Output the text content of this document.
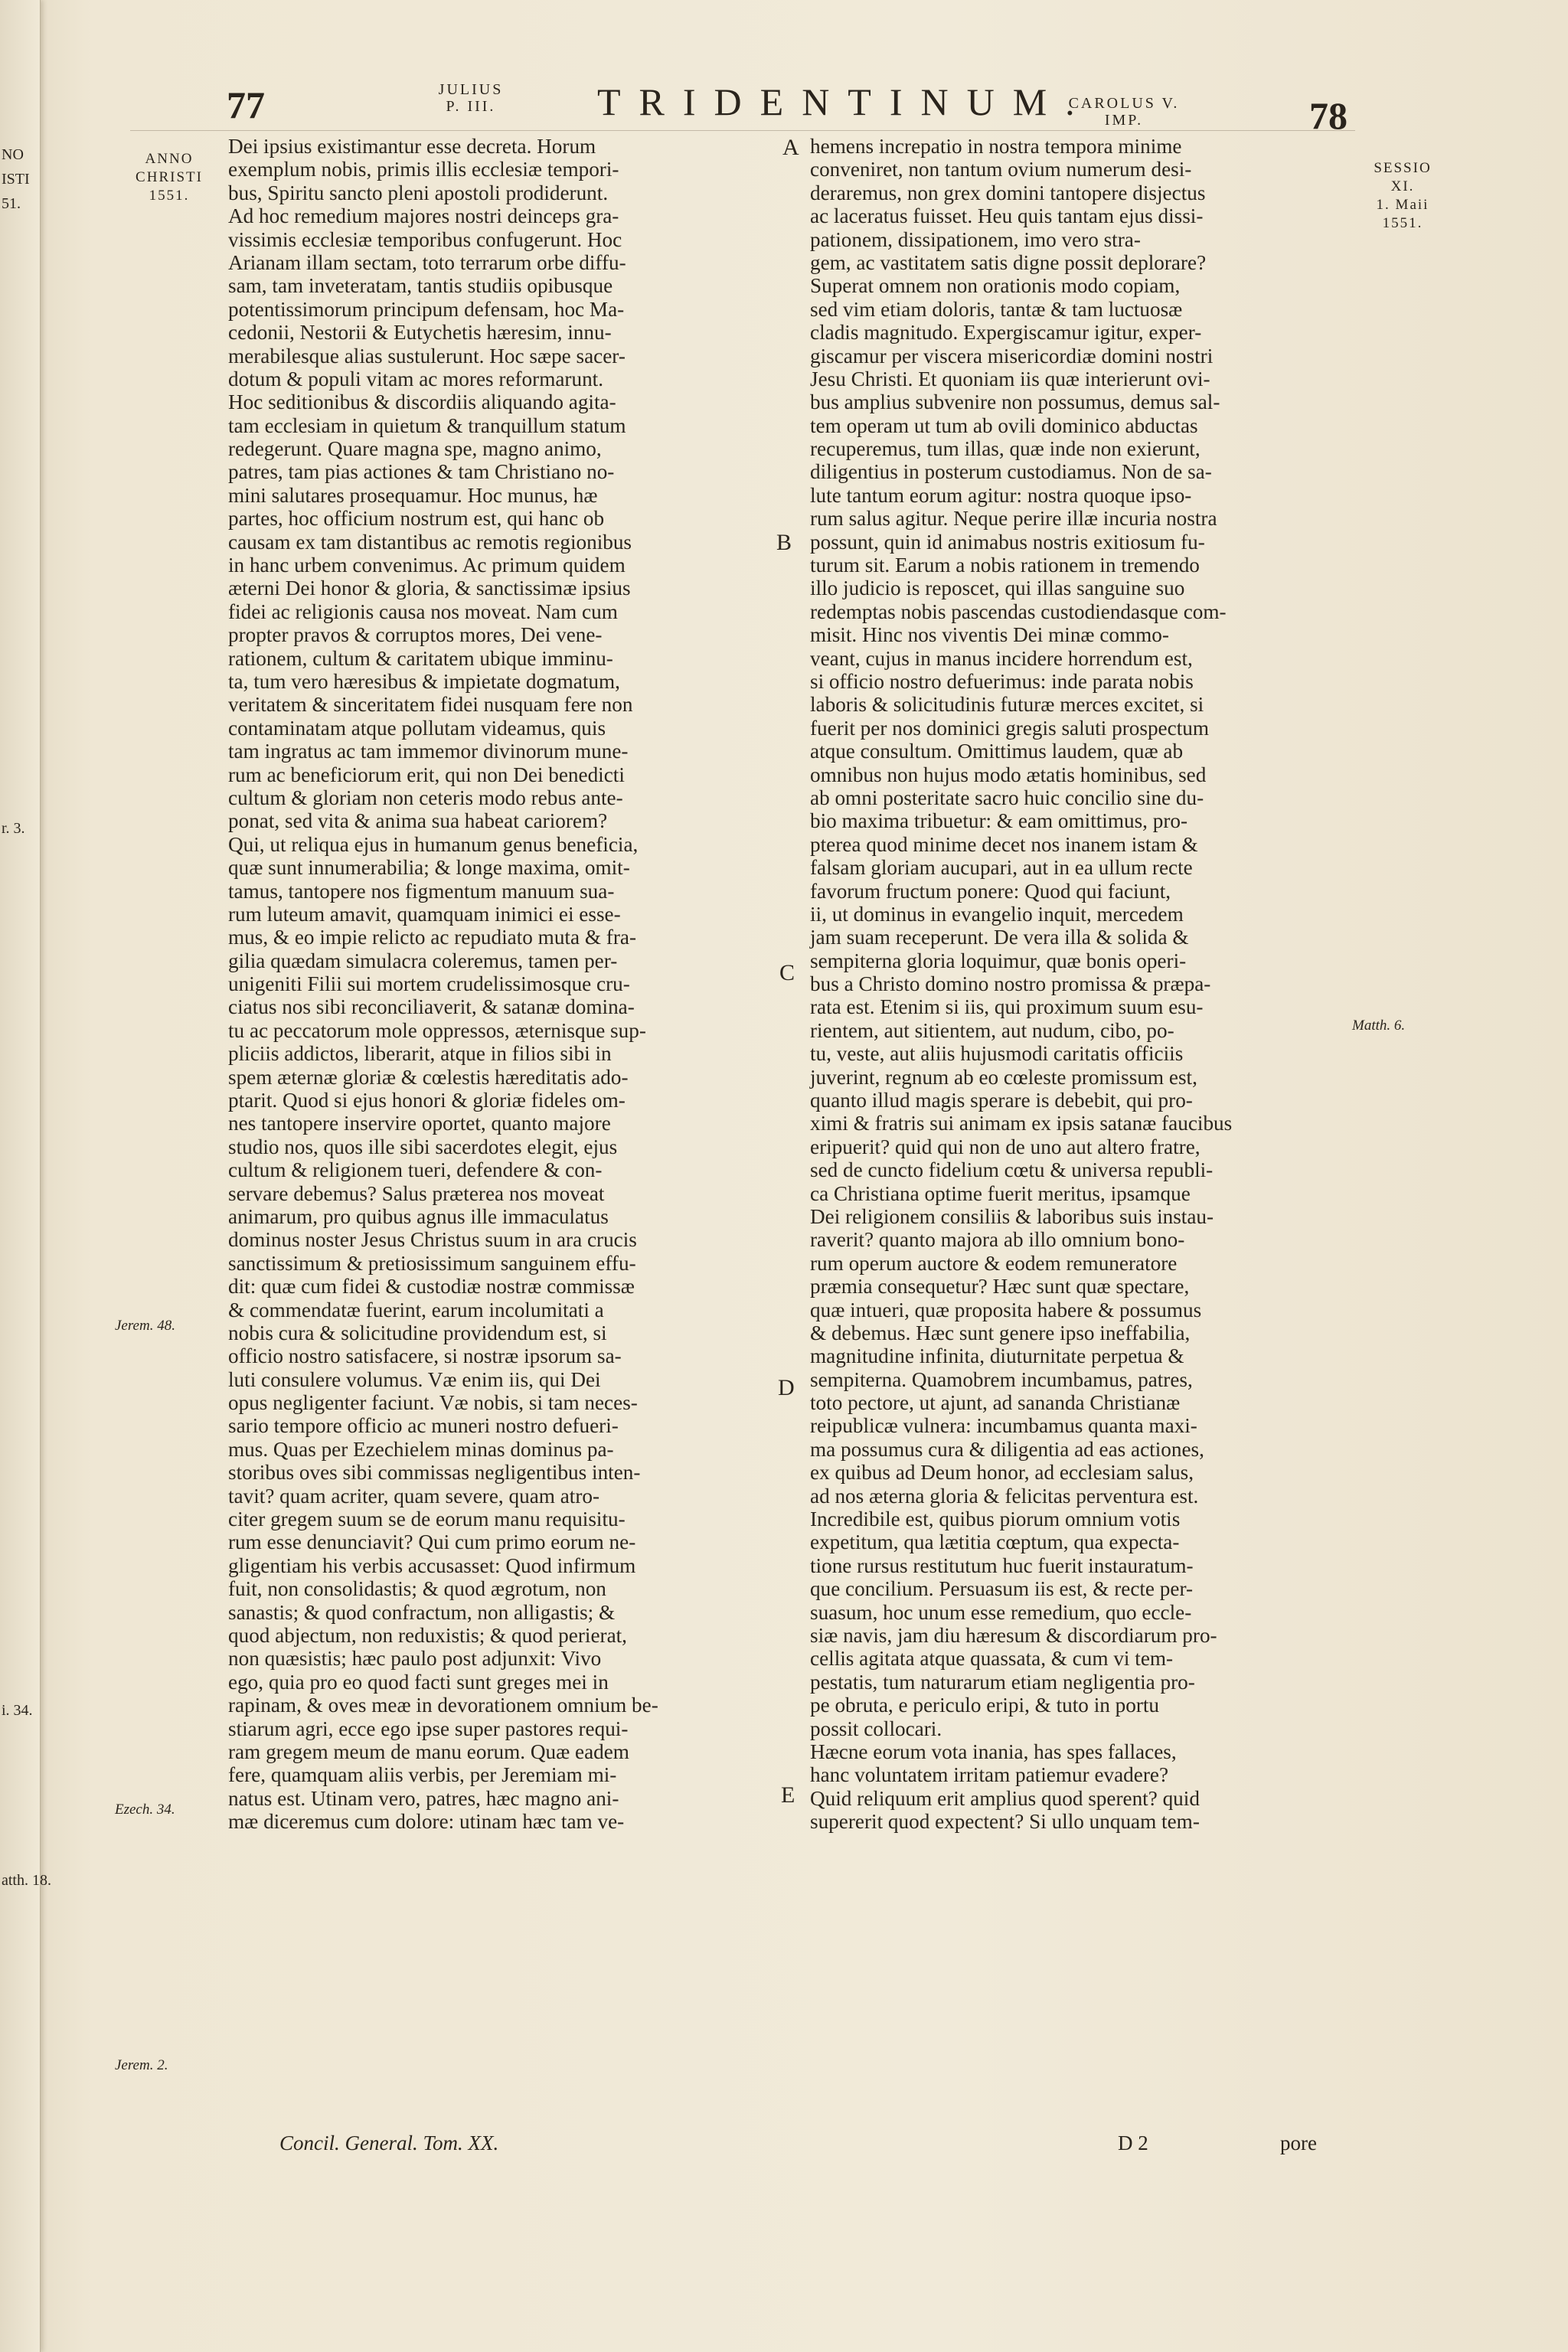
NO
ISTI
51.
r. 3.
i. 34.
atth. 18.
77	JULIUS
P. III.	TRIDENTINUM.
CAROLUS V.
IMP.	78
ANNO
CHRISTI
1551.
Jerem. 48.
Ezech. 34.
Jerem. 2.
A
B
C
D
E
SESSIO
XI.
1. Maii
1551.
Matth. 6.
Dei ipsius existimantur esse decreta. Horum
exemplum nobis, primis illis ecclesiæ tempori-
bus, Spiritu sancto pleni apostoli prodiderunt.
Ad hoc remedium majores nostri deinceps gra-
vissimis ecclesiæ temporibus confugerunt. Hoc
Arianam illam sectam, toto terrarum orbe diffu-
sam, tam inveteratam, tantis studiis opibusque
potentissimorum principum defensam, hoc Ma-
cedonii, Nestorii & Eutychetis hæresim, innu-
merabilesque alias sustulerunt. Hoc sæpe sacer-
dotum & populi vitam ac mores reformarunt.
Hoc seditionibus & discordiis aliquando agita-
tam ecclesiam in quietum & tranquillum statum
redegerunt. Quare magna spe, magno animo,
patres, tam pias actiones & tam Christiano no-
mini salutares prosequamur. Hoc munus, hæ
partes, hoc officium nostrum est, qui hanc ob
causam ex tam distantibus ac remotis regionibus
in hanc urbem convenimus. Ac primum quidem
æterni Dei honor & gloria, & sanctissimæ ipsius
fidei ac religionis causa nos moveat. Nam cum
propter pravos & corruptos mores, Dei vene-
rationem, cultum & caritatem ubique imminu-
ta, tum vero hæresibus & impietate dogmatum,
veritatem & sinceritatem fidei nusquam fere non
contaminatam atque pollutam videamus, quis
tam ingratus ac tam immemor divinorum mune-
rum ac beneficiorum erit, qui non Dei benedicti
cultum & gloriam non ceteris modo rebus ante-
ponat, sed vita & anima sua habeat cariorem?
Qui, ut reliqua ejus in humanum genus beneficia,
quæ sunt innumerabilia; & longe maxima, omit-
tamus, tantopere nos figmentum manuum sua-
rum luteum amavit, quamquam inimici ei esse-
mus, & eo impie relicto ac repudiato muta & fra-
gilia quædam simulacra coleremus, tamen per-
unigeniti Filii sui mortem crudelissimosque cru-
ciatus nos sibi reconciliaverit, & satanæ domina-
tu ac peccatorum mole oppressos, æternisque sup-
pliciis addictos, liberarit, atque in filios sibi in
spem æternæ gloriæ & cœlestis hæreditatis ado-
ptarit. Quod si ejus honori & gloriæ fideles om-
nes tantopere inservire oportet, quanto majore
studio nos, quos ille sibi sacerdotes elegit, ejus
cultum & religionem tueri, defendere & con-
servare debemus? Salus præterea nos moveat
animarum, pro quibus agnus ille immaculatus
dominus noster Jesus Christus suum in ara crucis
sanctissimum & pretiosissimum sanguinem effu-
dit: quæ cum fidei & custodiæ nostræ commissæ
& commendatæ fuerint, earum incolumitati a
nobis cura & solicitudine providendum est, si
officio nostro satisfacere, si nostræ ipsorum sa-
luti consulere volumus. Væ enim iis, qui Dei
opus negligenter faciunt. Væ nobis, si tam neces-
sario tempore officio ac muneri nostro defueri-
mus. Quas per Ezechielem minas dominus pa-
storibus oves sibi commissas negligentibus inten-
tavit? quam acriter, quam severe, quam atro-
citer gregem suum se de eorum manu requisitu-
rum esse denunciavit? Qui cum primo eorum ne-
gligentiam his verbis accusasset: Quod infirmum
fuit, non consolidastis; & quod ægrotum, non
sanastis; & quod confractum, non alligastis; &
quod abjectum, non reduxistis; & quod perierat,
non quæsistis; hæc paulo post adjunxit: Vivo
ego, quia pro eo quod facti sunt greges mei in
rapinam, & oves meæ in devorationem omnium be-
stiarum agri, ecce ego ipse super pastores requi-
ram gregem meum de manu eorum. Quæ eadem
fere, quamquam aliis verbis, per Jeremiam mi-
natus est. Utinam vero, patres, hæc magno ani-
mæ diceremus cum dolore: utinam hæc tam ve-
hemens increpatio in nostra tempora minime
conveniret, non tantum ovium numerum desi-
deraremus, non grex domini tantopere disjectus
ac laceratus fuisset. Heu quis tantam ejus dissi-
pationem, dissipationem, imo vero stra-
gem, ac vastitatem satis digne possit deplorare?
Superat omnem non orationis modo copiam,
sed vim etiam doloris, tantæ & tam luctuosæ
cladis magnitudo. Expergiscamur igitur, exper-
giscamur per viscera misericordiæ domini nostri
Jesu Christi. Et quoniam iis quæ interierunt ovi-
bus amplius subvenire non possumus, demus sal-
tem operam ut tum ab ovili dominico abductas
recuperemus, tum illas, quæ inde non exierunt,
diligentius in posterum custodiamus. Non de sa-
lute tantum eorum agitur: nostra quoque ipso-
rum salus agitur. Neque perire illæ incuria nostra
possunt, quin id animabus nostris exitiosum fu-
turum sit. Earum a nobis rationem in tremendo
illo judicio is reposcet, qui illas sanguine suo
redemptas nobis pascendas custodiendasque com-
misit. Hinc nos viventis Dei minæ commo-
veant, cujus in manus incidere horrendum est,
si officio nostro defuerimus: inde parata nobis
laboris & solicitudinis futuræ merces excitet, si
fuerit per nos dominici gregis saluti prospectum
atque consultum. Omittimus laudem, quæ ab
omnibus non hujus modo ætatis hominibus, sed
ab omni posteritate sacro huic concilio sine du-
bio maxima tribuetur: & eam omittimus, pro-
pterea quod minime decet nos inanem istam &
falsam gloriam aucupari, aut in ea ullum recte
favorum fructum ponere: Quod qui faciunt,
ii, ut dominus in evangelio inquit, mercedem
jam suam receperunt. De vera illa & solida &
sempiterna gloria loquimur, quæ bonis operi-
bus a Christo domino nostro promissa & præpa-
rata est. Etenim si iis, qui proximum suum esu-
rientem, aut sitientem, aut nudum, cibo, po-
tu, veste, aut aliis hujusmodi caritatis officiis
juverint, regnum ab eo cœleste promissum est,
quanto illud magis sperare is debebit, qui pro-
ximi & fratris sui animam ex ipsis satanæ faucibus
eripuerit? quid qui non de uno aut altero fratre,
sed de cuncto fidelium cœtu & universa republi-
ca Christiana optime fuerit meritus, ipsamque
Dei religionem consiliis & laboribus suis instau-
raverit? quanto majora ab illo omnium bono-
rum operum auctore & eodem remuneratore
præmia consequetur? Hæc sunt quæ spectare,
quæ intueri, quæ proposita habere & possumus
& debemus. Hæc sunt genere ipso ineffabilia,
magnitudine infinita, diuturnitate perpetua &
sempiterna. Quamobrem incumbamus, patres,
toto pectore, ut ajunt, ad sananda Christianæ
reipublicæ vulnera: incumbamus quanta maxi-
ma possumus cura & diligentia ad eas actiones,
ex quibus ad Deum honor, ad ecclesiam salus,
ad nos æterna gloria & felicitas perventura est.
Incredibile est, quibus piorum omnium votis
expetitum, qua lætitia cœptum, qua expecta-
tione rursus restitutum huc fuerit instauratum-
que concilium. Persuasum iis est, & recte per-
suasum, hoc unum esse remedium, quo eccle-
siæ navis, jam diu hæresum & discordiarum pro-
cellis agitata atque quassata, & cum vi tem-
pestatis, tum naturarum etiam negligentia pro-
pe obruta, e periculo eripi, & tuto in portu
possit collocari.
Hæcne eorum vota inania, has spes fallaces,
hanc voluntatem irritam patiemur evadere?
Quid reliquum erit amplius quod sperent? quid
supererit quod expectent? Si ullo unquam tem-
Concil. General. Tom. XX.	D 2	pore
